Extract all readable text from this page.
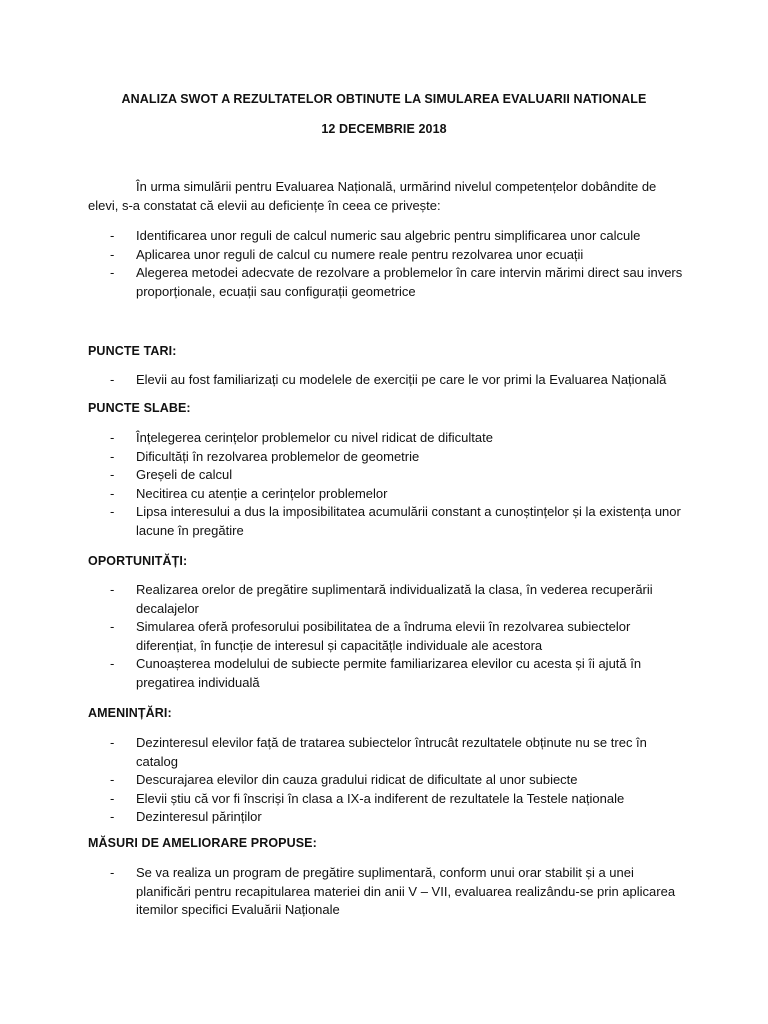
ANALIZA SWOT A REZULTATELOR OBTINUTE LA SIMULAREA EVALUARII NATIONALE
12 DECEMBRIE 2018
În urma simulării pentru Evaluarea Națională, urmărind nivelul competențelor dobândite de elevi, s-a constatat că elevii au deficiențe în ceea ce privește:
- Identificarea unor reguli de calcul numeric sau algebric pentru simplificarea unor calcule
- Aplicarea unor reguli de calcul cu numere reale pentru rezolvarea unor ecuații
- Alegerea metodei adecvate de rezolvare a problemelor în care intervin mărimi direct sau invers proporționale, ecuații sau configurații geometrice
PUNCTE TARI:
- Elevii au fost familiarizați cu modelele de exerciții pe care le vor primi la Evaluarea Națională
PUNCTE SLABE:
- Înțelegerea cerințelor problemelor cu nivel ridicat de dificultate
- Dificultăți în rezolvarea problemelor de geometrie
- Greșeli de calcul
- Necitirea cu atenție a cerințelor problemelor
- Lipsa interesului a dus la imposibilitatea acumulării constant a cunoștințelor și la existența unor lacune în pregătire
OPORTUNITĂȚI:
- Realizarea orelor de pregătire suplimentară individualizată la clasa, în vederea recuperării decalajelor
- Simularea oferă profesorului posibilitatea de a îndruma elevii în rezolvarea subiectelor diferențiat, în funcție de interesul și capacitățle individuale ale acestora
- Cunoașterea modelului de subiecte permite familiarizarea elevilor cu acesta și îi ajută în pregatirea individuală
AMENINȚĂRI:
- Dezinteresul elevilor față de tratarea subiectelor întrucât rezultatele obținute nu se trec în catalog
- Descurajarea elevilor din cauza gradului ridicat de dificultate al unor subiecte
- Elevii știu că vor fi înscriși în clasa a IX-a indiferent de rezultatele la Testele naționale
- Dezinteresul părinților
MĂSURI DE AMELIORARE PROPUSE:
- Se va realiza un program de pregătire suplimentară, conform unui orar stabilit și a unei planificări pentru recapitularea materiei din anii V – VII, evaluarea realizându-se prin aplicarea itemilor specifici Evaluării Naționale
